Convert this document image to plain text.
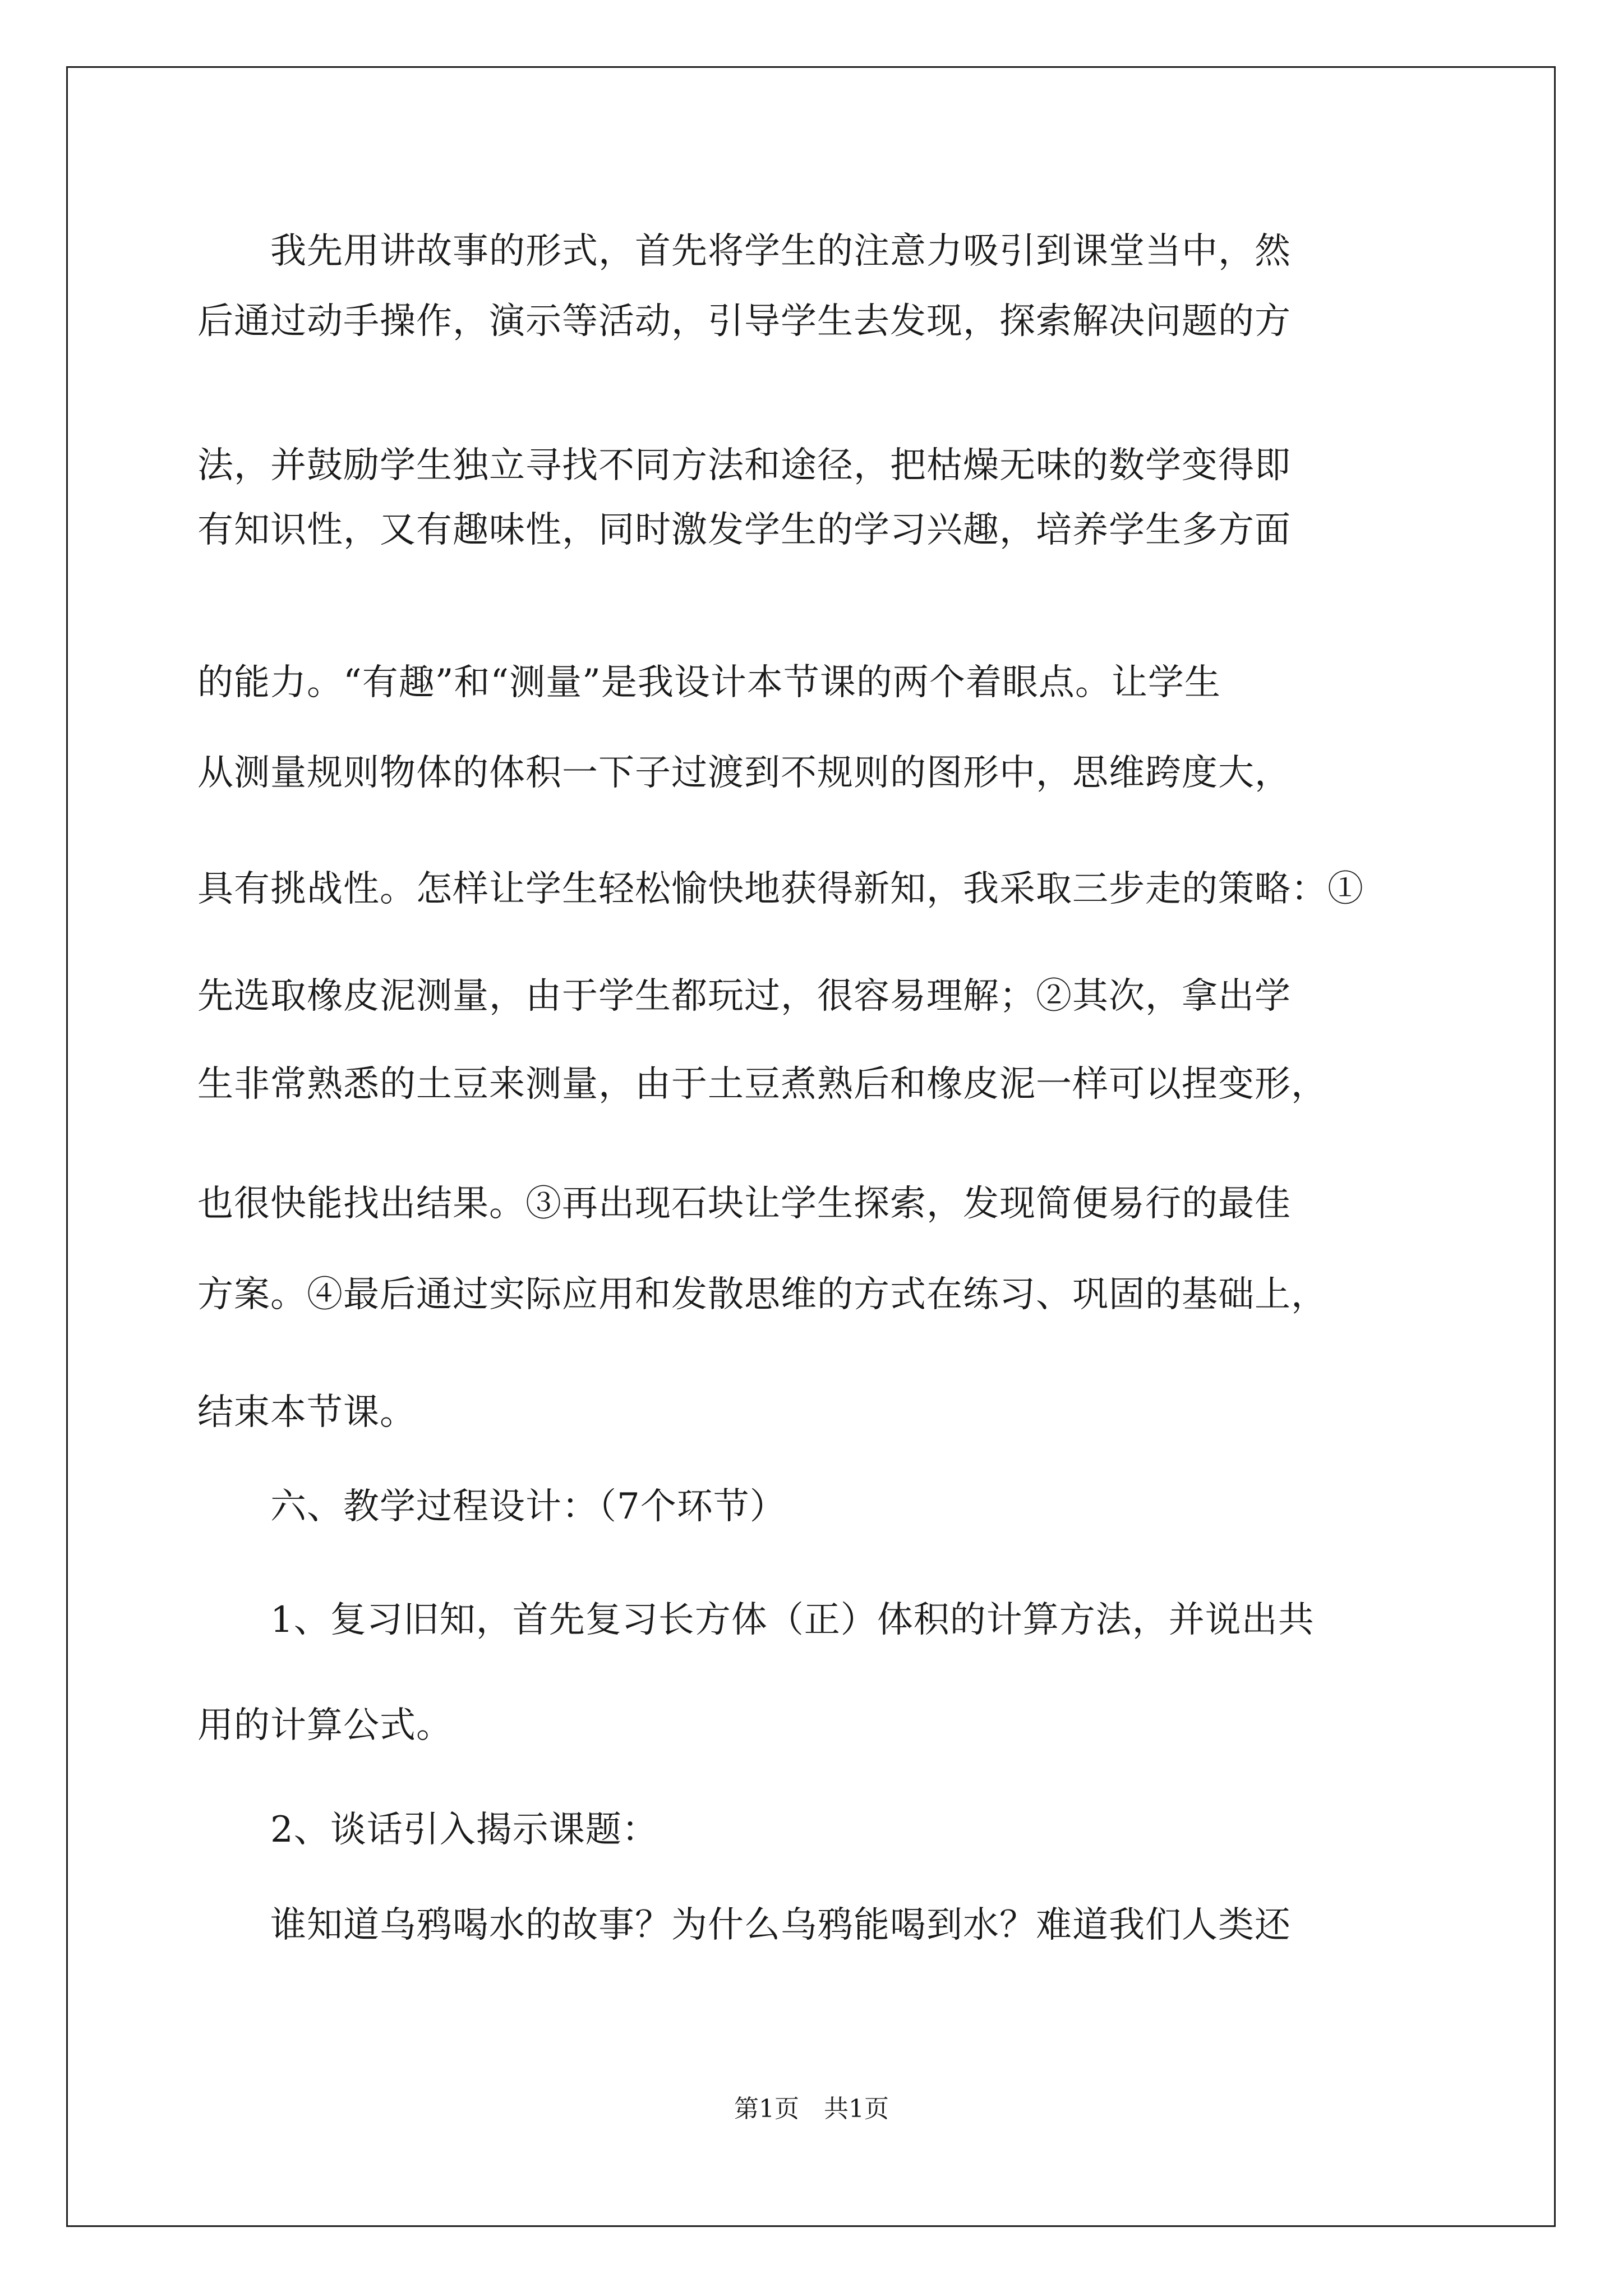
　　我先用讲故事的形式，首先将学生的注意力吸引到课堂当中，然
后通过动手操作，演示等活动，引导学生去发现，探索解决问题的方
法，并鼓励学生独立寻找不同方法和途径，把枯燥无味的数学变得即
有知识性，又有趣味性，同时激发学生的学习兴趣，培养学生多方面
的能力。“有趣”和“测量”是我设计本节课的两个着眼点。让学生
从测量规则物体的体积一下子过渡到不规则的图形中，思维跨度大，
具有挑战性。怎样让学生轻松愉快地获得新知，我采取三步走的策略：①
先选取橡皮泥测量，由于学生都玩过，很容易理解；②其次，拿出学
生非常熟悉的土豆来测量，由于土豆煮熟后和橡皮泥一样可以捏变形，
也很快能找出结果。③再出现石块让学生探索，发现简便易行的最佳
方案。④最后通过实际应用和发散思维的方式在练习、巩固的基础上，
结束本节课。
　　六、教学过程设计：（7个环节）
　　1、复习旧知，首先复习长方体（正）体积的计算方法，并说出共
用的计算公式。
　　2、谈话引入揭示课题：
　　谁知道乌鸦喝水的故事？为什么乌鸦能喝到水？难道我们人类还
第1页 共1页
